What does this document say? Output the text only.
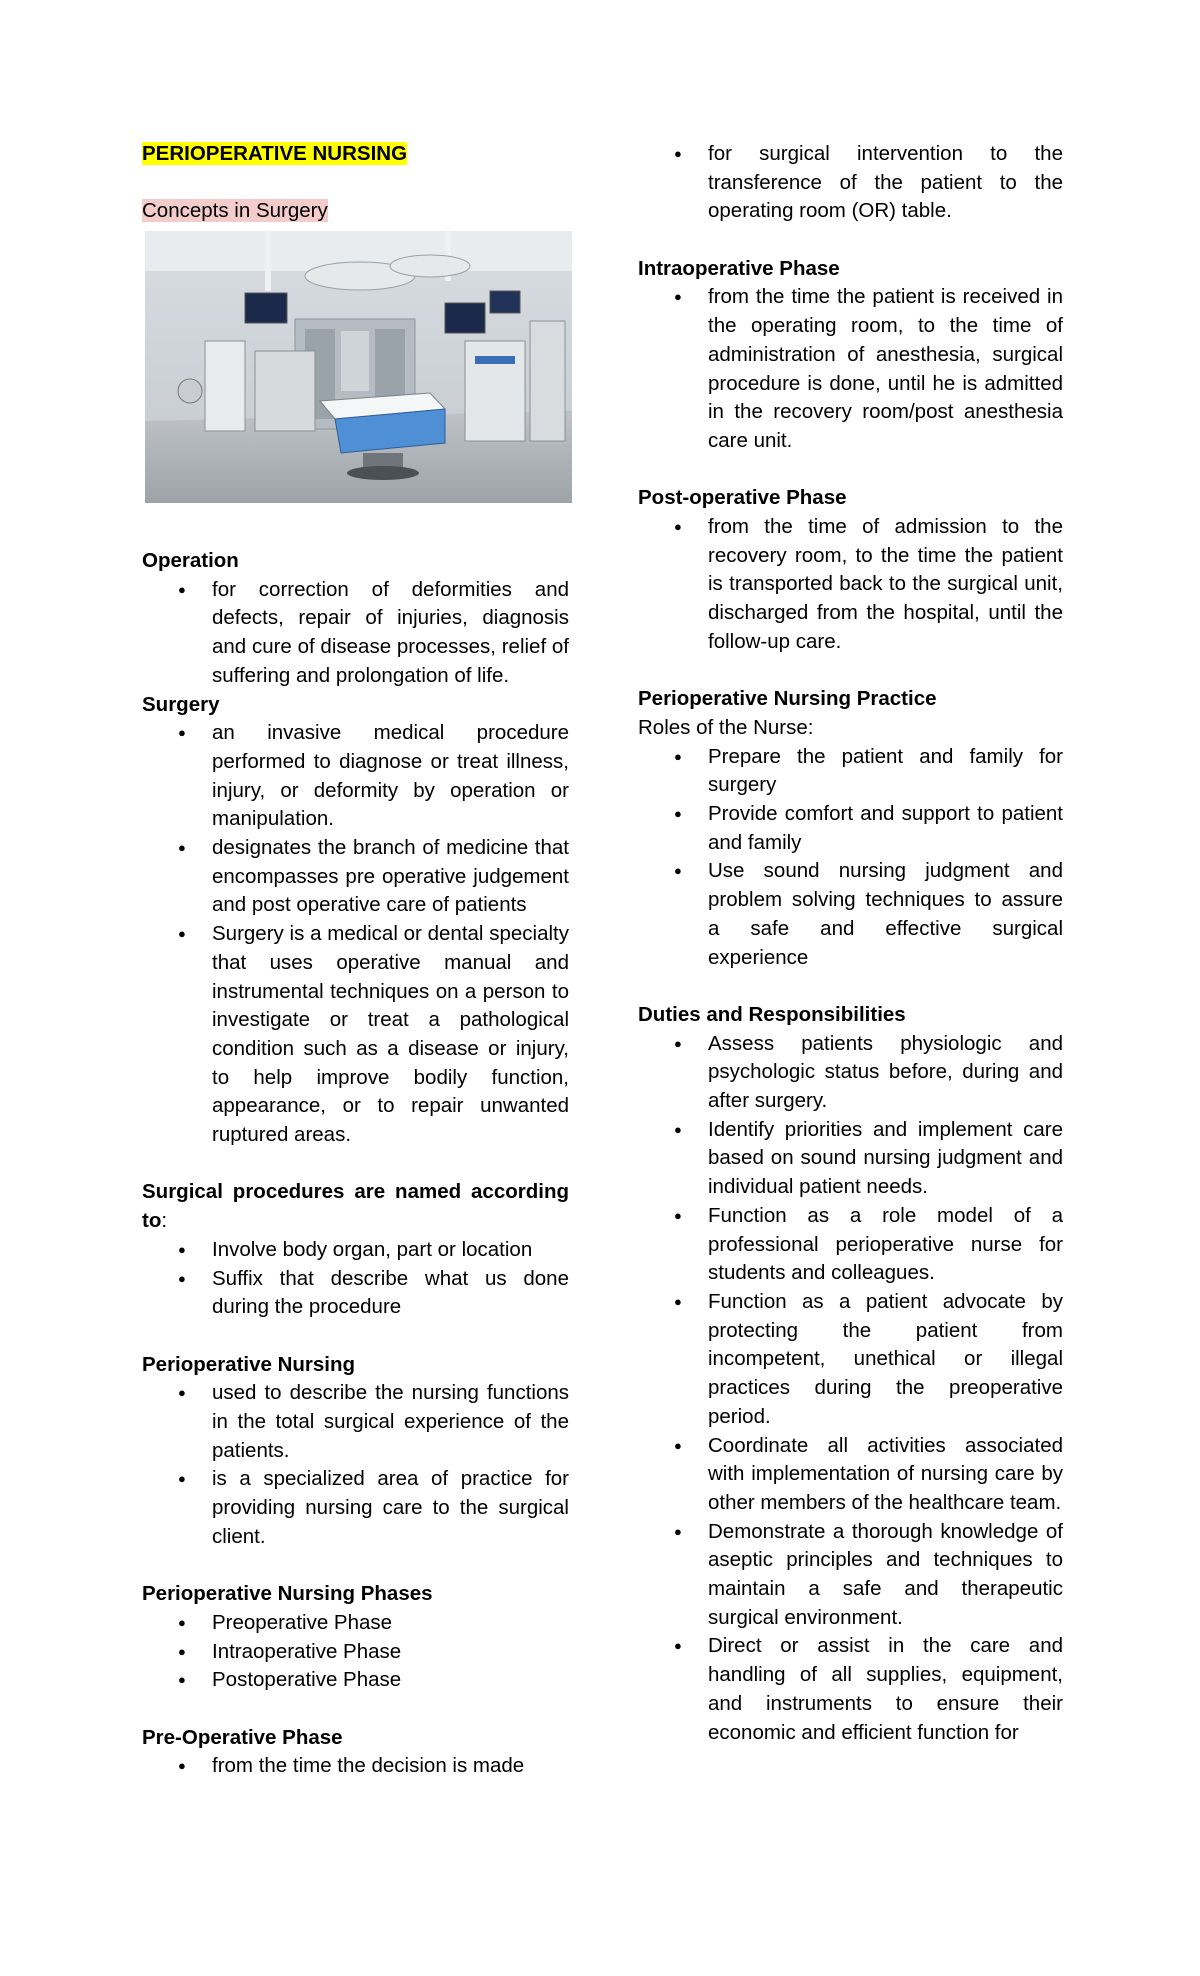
PERIOPERATIVE NURSING
Concepts in Surgery
Operation
● for correction of deformities and defects, repair of injuries, diagnosis and cure of disease processes, relief of suffering and prolongation of life.
Surgery
● an invasive medical procedure performed to diagnose or treat illness, injury, or deformity by operation or manipulation.
● designates the branch of medicine that encompasses pre operative judgement and post operative care of patients
● Surgery is a medical or dental specialty that uses operative manual and instrumental techniques on a person to investigate or treat a pathological condition such as a disease or injury, to help improve bodily function, appearance, or to repair unwanted ruptured areas.
Surgical procedures are named according to:
● Involve body organ, part or location
● Suffix that describe what us done during the procedure
Perioperative Nursing
● used to describe the nursing functions in the total surgical experience of the patients.
● is a specialized area of practice for providing nursing care to the surgical client.
Perioperative Nursing Phases
● Preoperative Phase
● Intraoperative Phase
● Postoperative Phase
Pre-Operative Phase
● from the time the decision is made
● for surgical intervention to the transference of the patient to the operating room (OR) table.
Intraoperative Phase
● from the time the patient is received in the operating room, to the time of administration of anesthesia, surgical procedure is done, until he is admitted in the recovery room/post anesthesia care unit.
Post-operative Phase
● from the time of admission to the recovery room, to the time the patient is transported back to the surgical unit, discharged from the hospital, until the follow-up care.
Perioperative Nursing Practice
Roles of the Nurse:
● Prepare the patient and family for surgery
● Provide comfort and support to patient and family
● Use sound nursing judgment and problem solving techniques to assure a safe and effective surgical experience
Duties and Responsibilities
● Assess patients physiologic and psychologic status before, during and after surgery.
● Identify priorities and implement care based on sound nursing judgment and individual patient needs.
● Function as a role model of a professional perioperative nurse for students and colleagues.
● Function as a patient advocate by protecting the patient from incompetent, unethical or illegal practices during the preoperative period.
● Coordinate all activities associated with implementation of nursing care by other members of the healthcare team.
● Demonstrate a thorough knowledge of aseptic principles and techniques to maintain a safe and therapeutic surgical environment.
● Direct or assist in the care and handling of all supplies, equipment, and instruments to ensure their economic and efficient function for
